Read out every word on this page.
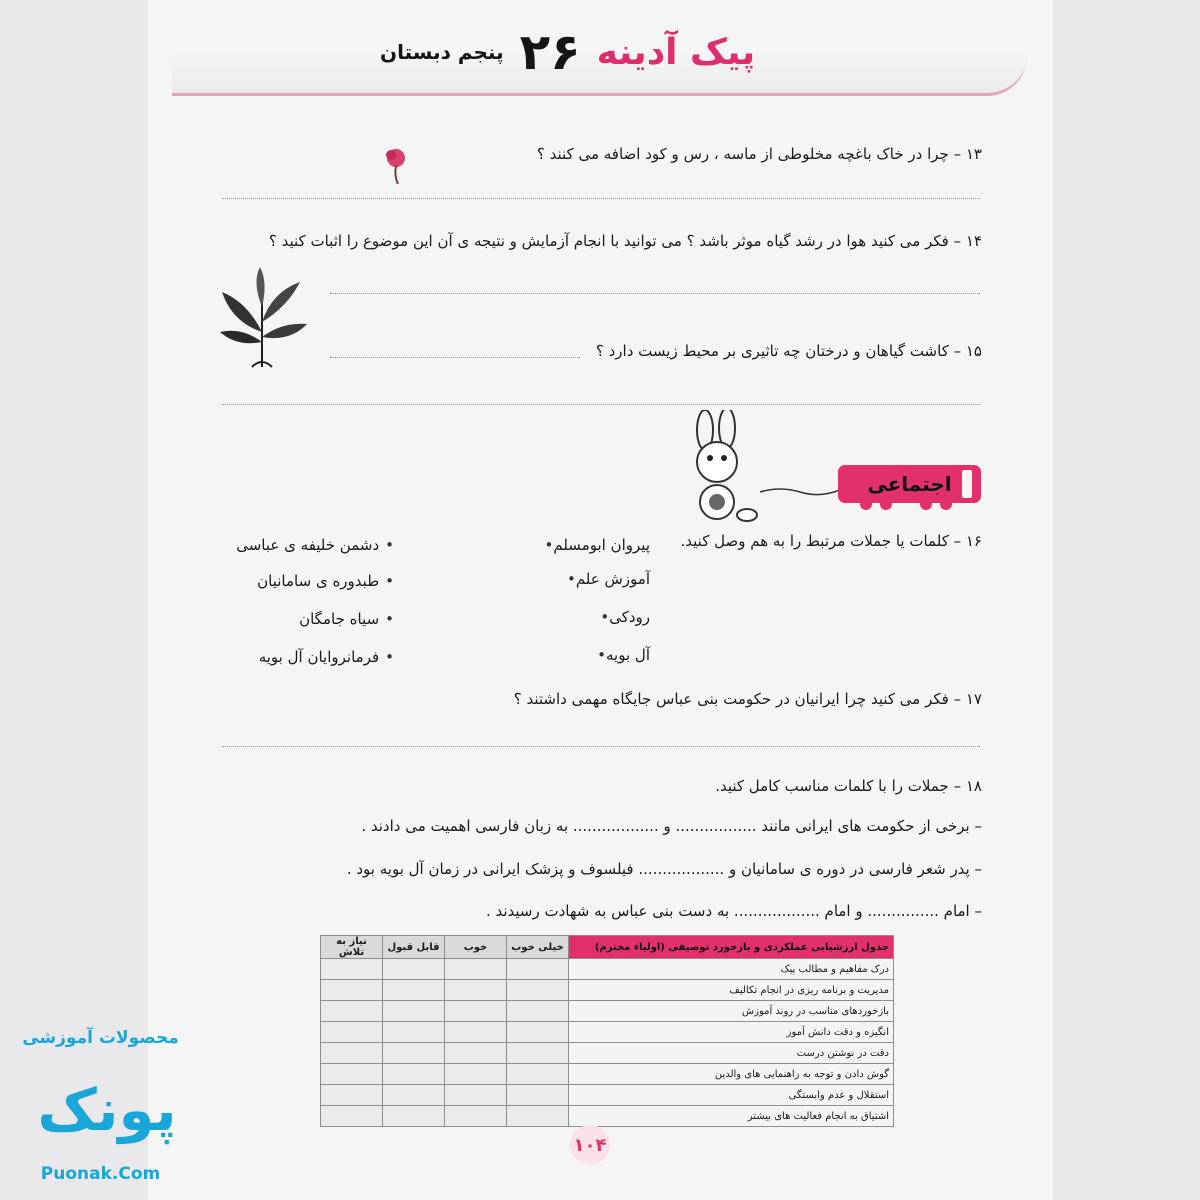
پیک آدینه
۲۶
پنجم دبستان
۱۳ – چرا در خاک باغچه مخلوطی از ماسه ، رس و کود اضافه می کنند ؟
۱۴ – فکر می کنید هوا در رشد گیاه موثر باشد ؟ می توانید با انجام آزمایش و نتیجه ی آن این موضوع را اثبات کنید ؟
۱۵ – کاشت گیاهان و درختان چه تاثیری بر محیط زیست دارد ؟
اجتماعی
۱۶ – کلمات یا جملات مرتبط را به هم وصل کنید.
پیروان ابومسلم•
آموزش علم•
رودکی•
آل بویه•
•دشمن خلیفه ی عباسی
•طبدوره ی سامانیان
•سیاه جامگان
•فرمانروایان آل بویه
۱۷ – فکر می کنید چرا ایرانیان در حکومت بنی عباس جایگاه مهمی داشتند ؟
۱۸ – جملات را با کلمات مناسب کامل کنید.
– برخی از حکومت های ایرانی مانند ................. و .................. به زبان فارسی اهمیت می دادند .
– پدر شعر فارسی در دوره ی سامانیان و .................. فیلسوف و پزشک ایرانی در زمان آل بویه بود .
– امام ............... و امام .................. به دست بنی عباس به شهادت رسیدند .
جدول ارزشیابی عملکردی و بازخورد توصیفی (اولیاء محترم)	خیلی خوب	خوب	قابل قبول	نیاز به تلاش
درک مفاهیم و مطالب پیک				
مدیریت و برنامه ریزی در انجام تکالیف				
بازخوردهای مناسب در روند آموزش				
انگیزه و دقت دانش آموز				
دقت در نوشتن درست				
گوش دادن و توجه به راهنمایی های والدین				
استقلال و عدم وابستگی				
اشتیاق به انجام فعالیت های بیشتر				
۱۰۴
محصولات آموزشی
پونک
Puonak.Com
